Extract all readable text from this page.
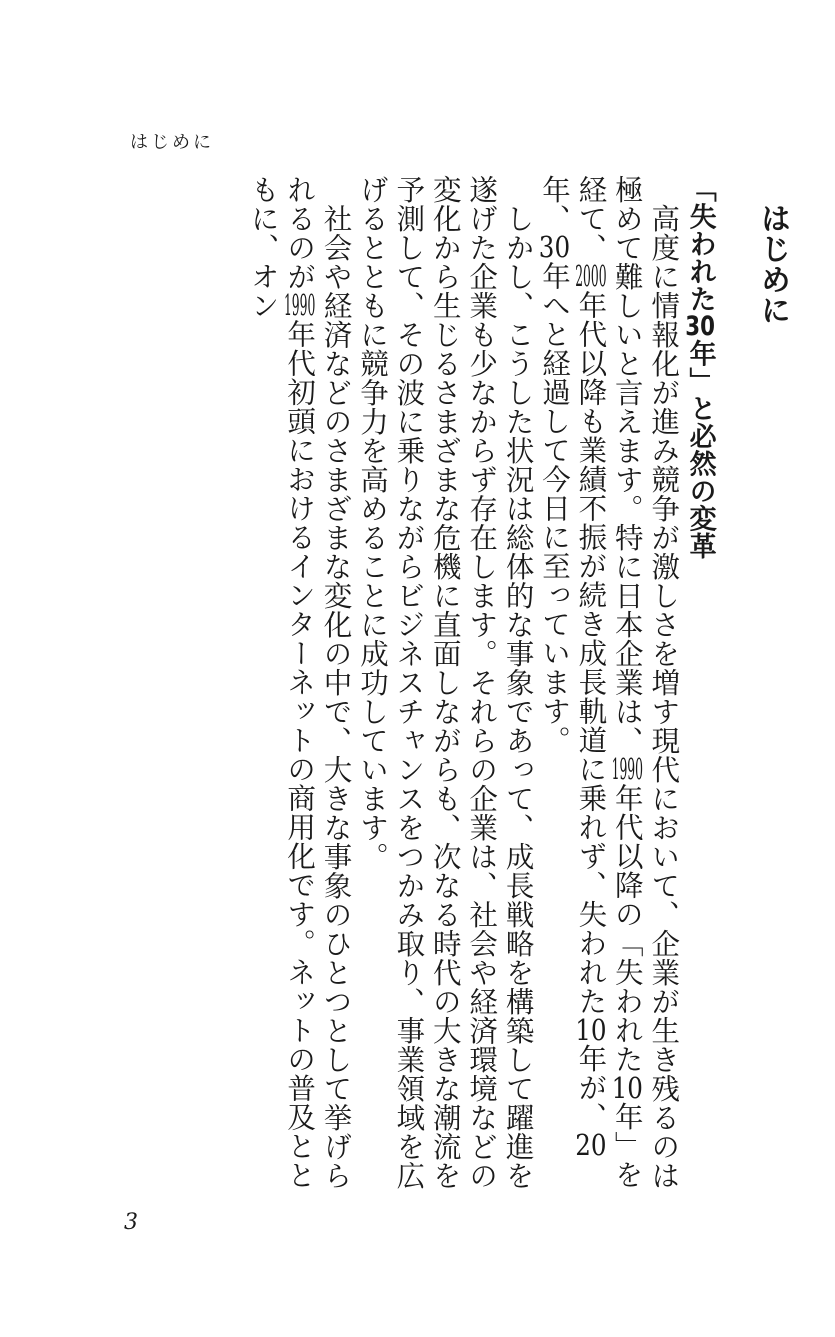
はじめに
はじめに
「失われた30年」と必然の変革

高度に情報化が進み競争が激しさを増す現代において、企業が生き残るのは極めて難しいと言えます。特に日本企業は、1990年代以降の「失われた10年」を経て、2000年代以降も業績不振が続き成長軌道に乗れず、失われた10年が、20年、30年へと経過して今日に至っています。

しかし、こうした状況は総体的な事象であって、成長戦略を構築して躍進を遂げた企業も少なからず存在します。それらの企業は、社会や経済環境などの変化から生じるさまざまな危機に直面しながらも、次なる時代の大きな潮流を予測して、その波に乗りながらビジネスチャンスをつかみ取り、事業領域を広げるとともに競争力を高めることに成功しています。

社会や経済などのさまざまな変化の中で、大きな事象のひとつとして挙げられるのが1990年代初頭におけるインターネットの商用化です。ネットの普及とともに、オン

3
